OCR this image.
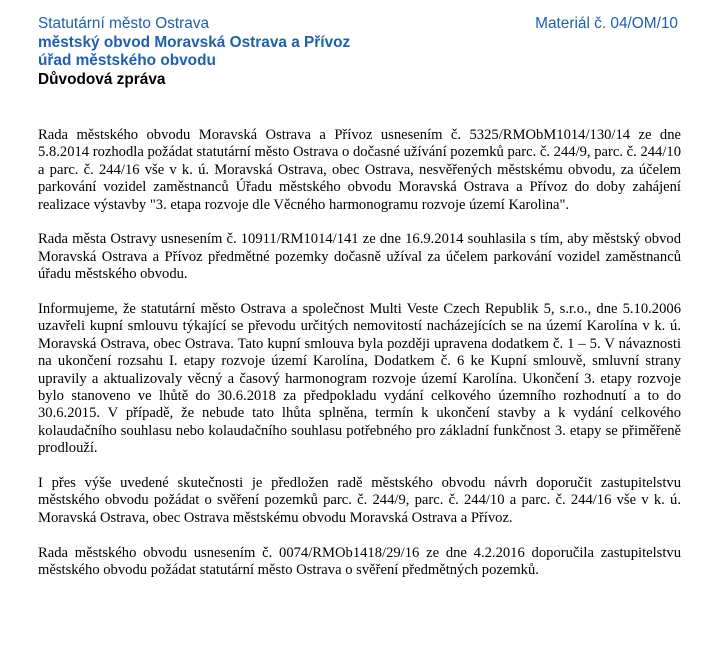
Statutární město Ostrava	Materiál č. 04/OM/10
městský obvod Moravská Ostrava a Přívoz
úřad městského obvodu
Důvodová zpráva

Rada městského obvodu Moravská Ostrava a Přívoz usnesením č. 5325/RMObM1014/130/14 ze dne 5.8.2014 rozhodla požádat statutární město Ostrava o dočasné užívání pozemků parc. č. 244/9, parc. č. 244/10 a parc. č. 244/16 vše v k. ú. Moravská Ostrava, obec Ostrava, nesvěřených městskému obvodu, za účelem parkování vozidel zaměstnanců Úřadu městského obvodu Moravská Ostrava a Přívoz do doby zahájení realizace výstavby "3. etapa rozvoje dle Věcného harmonogramu rozvoje území Karolina".

Rada města Ostravy usnesením č. 10911/RM1014/141 ze dne 16.9.2014 souhlasila s tím, aby městský obvod Moravská Ostrava a Přívoz předmětné pozemky dočasně užíval za účelem parkování vozidel zaměstnanců úřadu městského obvodu.

Informujeme, že statutární město Ostrava a společnost Multi Veste Czech Republik 5, s.r.o., dne 5.10.2006 uzavřeli kupní smlouvu týkající se převodu určitých nemovitostí nacházejících se na území Karolína v k. ú. Moravská Ostrava, obec Ostrava. Tato kupní smlouva byla později upravena dodatkem č. 1 – 5. V návaznosti na ukončení rozsahu I. etapy rozvoje území Karolína, Dodatkem č. 6 ke Kupní smlouvě, smluvní strany upravily a aktualizovaly věcný a časový harmonogram rozvoje území Karolína. Ukončení 3. etapy rozvoje bylo stanoveno ve lhůtě do 30.6.2018 za předpokladu vydání celkového územního rozhodnutí a to do 30.6.2015. V případě, že nebude tato lhůta splněna, termín k ukončení stavby a k vydání celkového kolaudačního souhlasu nebo kolaudačního souhlasu potřebného pro základní funkčnost 3. etapy se přiměřeně prodlouží.

I přes výše uvedené skutečnosti je předložen radě městského obvodu návrh doporučit zastupitelstvu městského obvodu požádat o svěření pozemků parc. č. 244/9, parc. č. 244/10 a parc. č. 244/16 vše v k. ú. Moravská Ostrava, obec Ostrava městskému obvodu Moravská Ostrava a Přívoz.

Rada městského obvodu usnesením č. 0074/RMOb1418/29/16 ze dne 4.2.2016 doporučila zastupitelstvu městského obvodu požádat statutární město Ostrava o svěření předmětných pozemků.
